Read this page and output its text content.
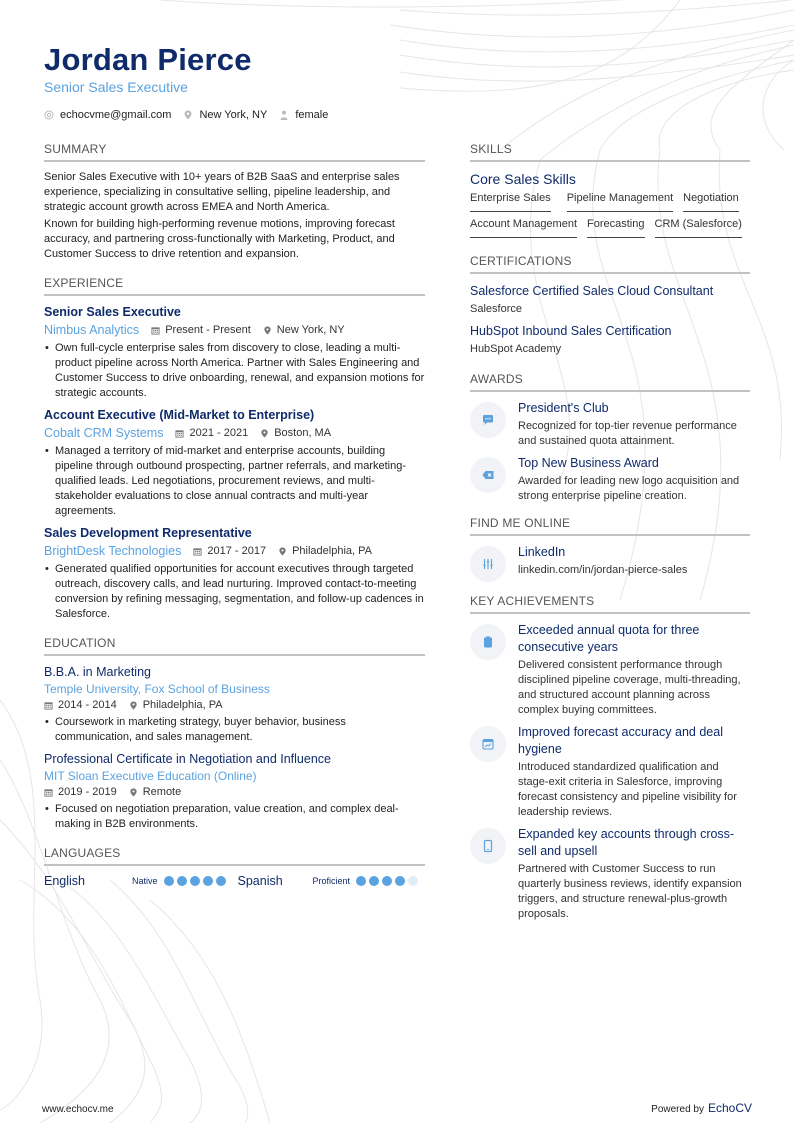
Jordan Pierce
Senior Sales Executive
echocvme@gmail.com	New York, NY	female
SUMMARY

Senior Sales Executive with 10+ years of B2B SaaS and enterprise sales experience, specializing in consultative selling, pipeline leadership, and strategic account growth across EMEA and North America.

Known for building high-performing revenue motions, improving forecast accuracy, and partnering cross-functionally with Marketing, Product, and Customer Success to drive retention and expansion.

EXPERIENCE
Senior Sales Executive
Nimbus Analytics Present - Present New York, NY
• Own full-cycle enterprise sales from discovery to close, leading a multi-product pipeline across North America. Partner with Sales Engineering and Customer Success to drive onboarding, renewal, and expansion motions for strategic accounts.
Account Executive (Mid-Market to Enterprise)
Cobalt CRM Systems 2021 - 2021 Boston, MA
• Managed a territory of mid-market and enterprise accounts, building pipeline through outbound prospecting, partner referrals, and marketing-qualified leads. Led negotiations, procurement reviews, and multi-stakeholder evaluations to close annual contracts and multi-year agreements.
Sales Development Representative
BrightDesk Technologies 2017 - 2017 Philadelphia, PA
• Generated qualified opportunities for account executives through targeted outreach, discovery calls, and lead nurturing. Improved contact-to-meeting conversion by refining messaging, segmentation, and follow-up cadences in Salesforce.
EDUCATION
B.B.A. in Marketing
Temple University, Fox School of Business
2014 - 2014 Philadelphia, PA
• Coursework in marketing strategy, buyer behavior, business communication, and sales management.
Professional Certificate in Negotiation and Influence
MIT Sloan Executive Education (Online)
2019 - 2019 Remote
• Focused on negotiation preparation, value creation, and complex deal-making in B2B environments.
LANGUAGES
English	Native	Spanish	Proficient
SKILLS
Core Sales Skills
Enterprise Sales Pipeline Management Negotiation
Account Management Forecasting CRM (Salesforce)
CERTIFICATIONS
Salesforce Certified Sales Cloud Consultant
Salesforce
HubSpot Inbound Sales Certification
HubSpot Academy
AWARDS
President's Club
Recognized for top-tier revenue performance and sustained quota attainment.
Top New Business Award
Awarded for leading new logo acquisition and strong enterprise pipeline creation.
FIND ME ONLINE
LinkedIn
linkedin.com/in/jordan-pierce-sales
KEY ACHIEVEMENTS
Exceeded annual quota for three consecutive years
Delivered consistent performance through disciplined pipeline coverage, multi-threading, and structured account planning across complex buying committees.
Improved forecast accuracy and deal hygiene
Introduced standardized qualification and stage-exit criteria in Salesforce, improving forecast consistency and pipeline visibility for leadership reviews.
Expanded key accounts through cross-sell and upsell
Partnered with Customer Success to run quarterly business reviews, identify expansion triggers, and structure renewal-plus-growth proposals.
www.echocv.me	Powered by EchoCV
